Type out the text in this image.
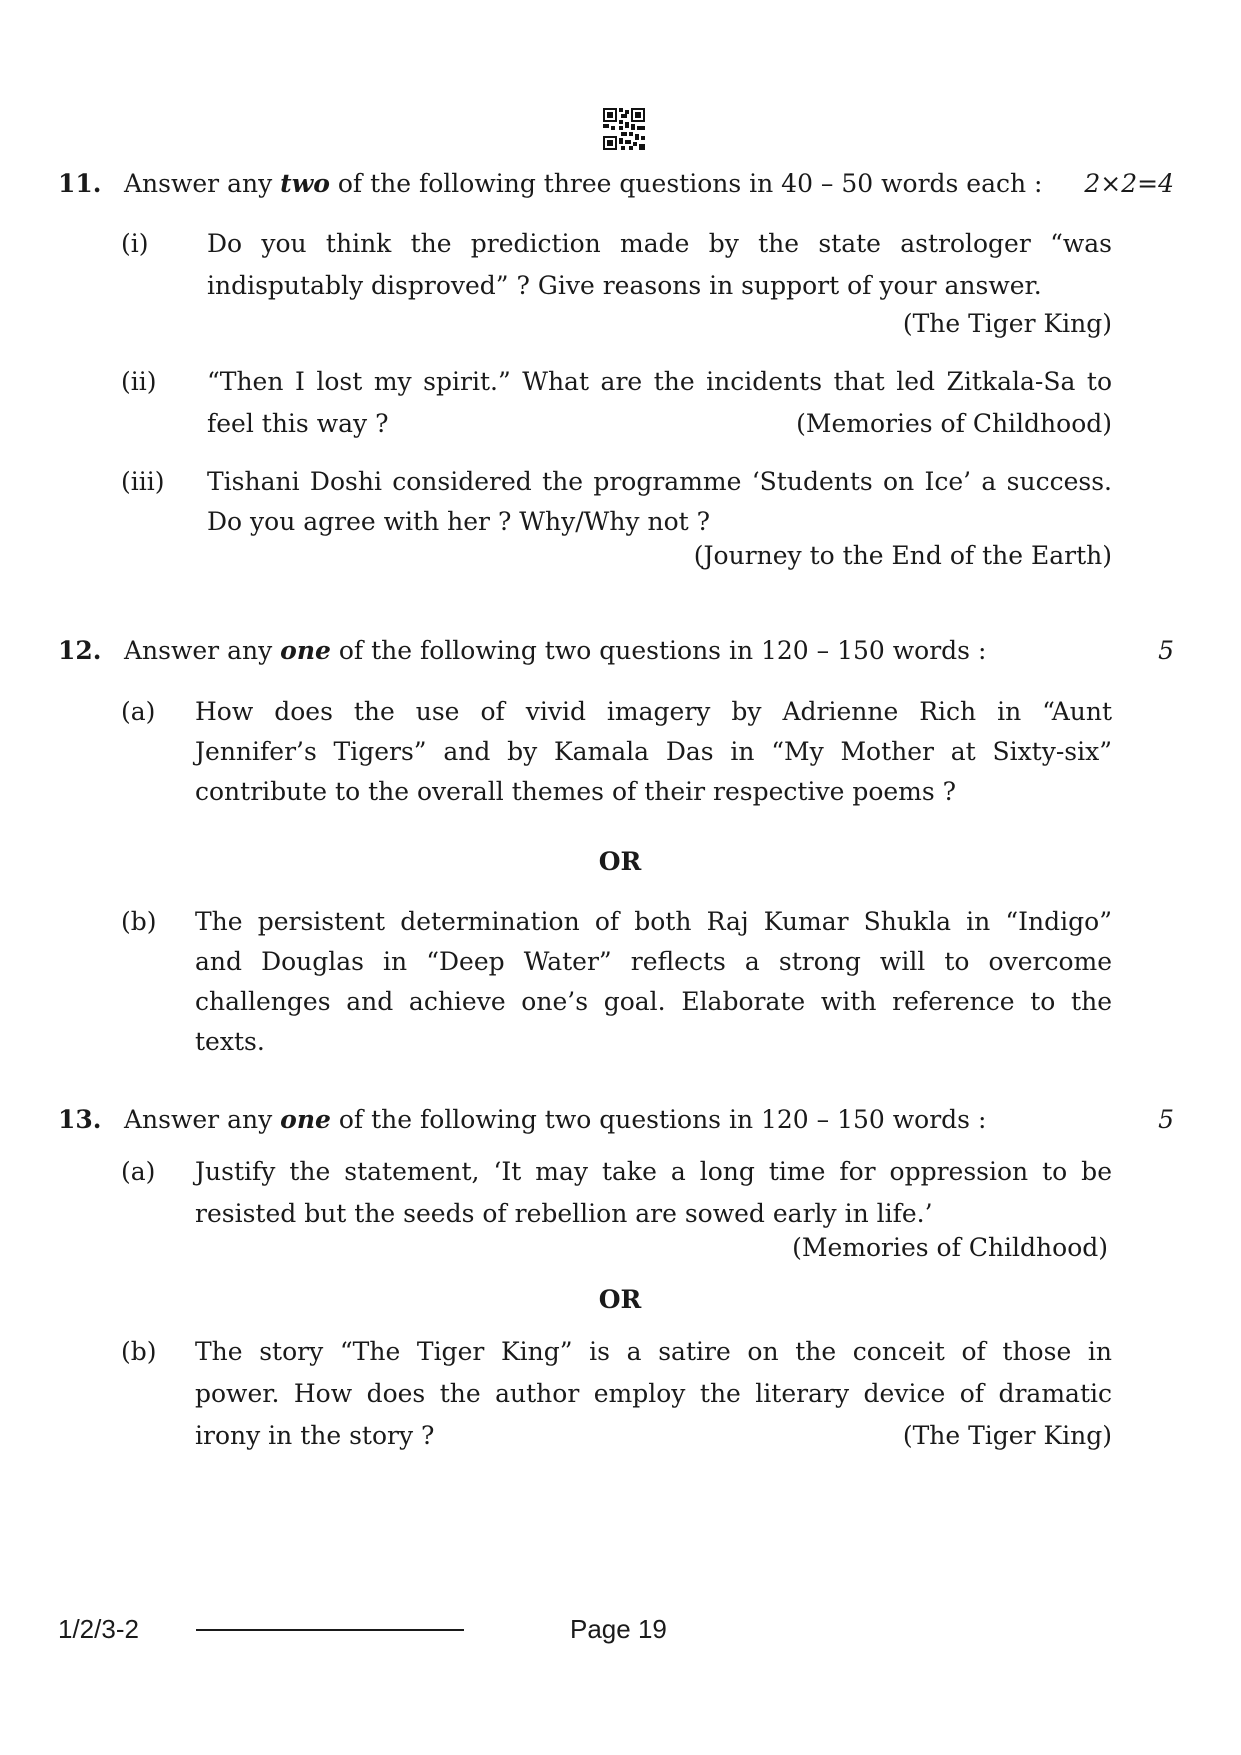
11. Answer any two of the following three questions in 40 – 50 words each :	2×2=4
(i) Do you think the prediction made by the state astrologer “was
indisputably disproved” ? Give reasons in support of your answer.
(The Tiger King)
(ii) “Then I lost my spirit.” What are the incidents that led Zitkala-Sa to
feel this way ?	(Memories of Childhood)
(iii) Tishani Doshi considered the programme ‘Students on Ice’ a success.
Do you agree with her ? Why/Why not ?
(Journey to the End of the Earth)
12. Answer any one of the following two questions in 120 – 150 words :	5
(a) How does the use of vivid imagery by Adrienne Rich in “Aunt
Jennifer’s Tigers” and by Kamala Das in “My Mother at Sixty-six”
contribute to the overall themes of their respective poems ?
OR
(b) The persistent determination of both Raj Kumar Shukla in “Indigo”
and Douglas in “Deep Water” reflects a strong will to overcome
challenges and achieve one’s goal. Elaborate with reference to the
texts.
13. Answer any one of the following two questions in 120 – 150 words :	5
(a) Justify the statement, ‘It may take a long time for oppression to be
resisted but the seeds of rebellion are sowed early in life.’
(Memories of Childhood)
OR
(b) The story “The Tiger King” is a satire on the conceit of those in
power. How does the author employ the literary device of dramatic
irony in the story ?	(The Tiger King)
1/2/3-2	Page 19
